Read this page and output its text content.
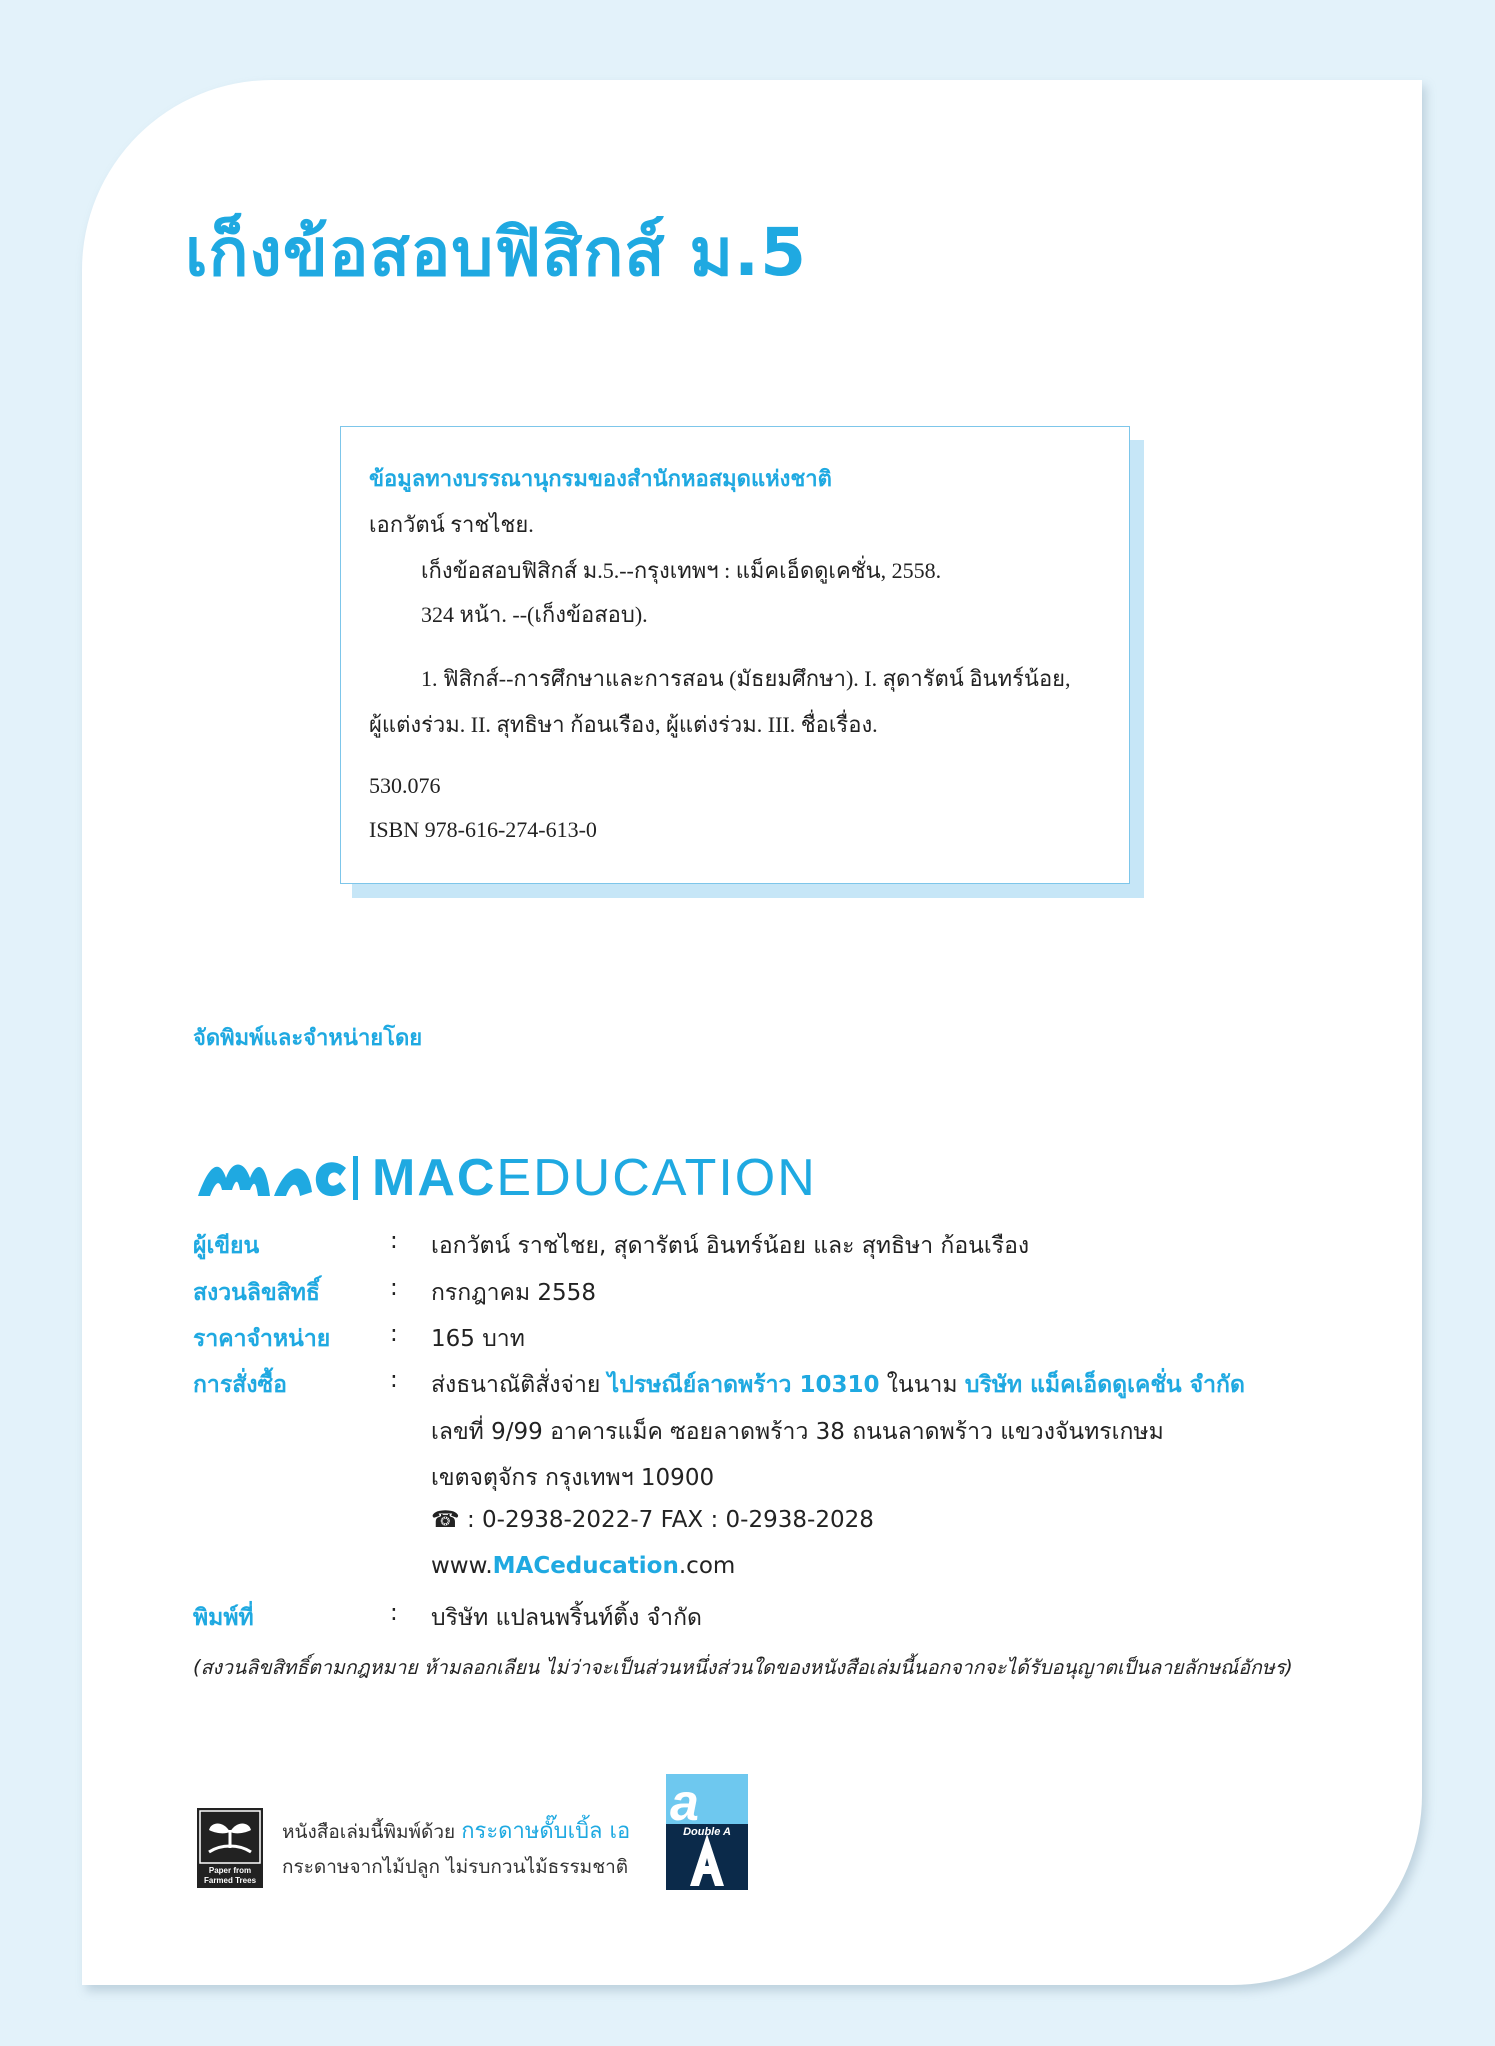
เก็งข้อสอบฟิสิกส์ ม.5
ข้อมูลทางบรรณานุกรมของสำนักหอสมุดแห่งชาติ
เอกวัตน์ ราชไชย.
เก็งข้อสอบฟิสิกส์ ม.5.--กรุงเทพฯ : แม็คเอ็ดดูเคชั่น, 2558.
324 หน้า. --(เก็งข้อสอบ).
1. ฟิสิกส์--การศึกษาและการสอน (มัธยมศึกษา). I. สุดารัตน์ อินทร์น้อย,
ผู้แต่งร่วม. II. สุทธิษา ก้อนเรือง, ผู้แต่งร่วม. III. ชื่อเรื่อง.
530.076
ISBN 978-616-274-613-0
จัดพิมพ์และจำหน่ายโดย
MACEDUCATION
ผู้เขียน	: เอกวัตน์ ราชไชย, สุดารัตน์ อินทร์น้อย และ สุทธิษา ก้อนเรือง
สงวนลิขสิทธิ์	: กรกฎาคม 2558
ราคาจำหน่าย	: 165 บาท
การสั่งซื้อ	: ส่งธนาณัติสั่งจ่าย ไปรษณีย์ลาดพร้าว 10310 ในนาม บริษัท แม็คเอ็ดดูเคชั่น จำกัด
เลขที่ 9/99 อาคารแม็ค ซอยลาดพร้าว 38 ถนนลาดพร้าว แขวงจันทรเกษม
เขตจตุจักร กรุงเทพฯ 10900
☎ : 0-2938-2022-7 FAX : 0-2938-2028
www.MACeducation.com
พิมพ์ที่	: บริษัท แปลนพริ้นท์ติ้ง จำกัด
(สงวนลิขสิทธิ์ตามกฎหมาย ห้ามลอกเลียน ไม่ว่าจะเป็นส่วนหนึ่งส่วนใดของหนังสือเล่มนี้นอกจากจะได้รับอนุญาตเป็นลายลักษณ์อักษร)
Paper from Farmed Trees
หนังสือเล่มนี้พิมพ์ด้วย กระดาษดั๊บเบิ้ล เอ
กระดาษจากไม้ปลูก ไม่รบกวนไม้ธรรมชาติ
a
Double A
